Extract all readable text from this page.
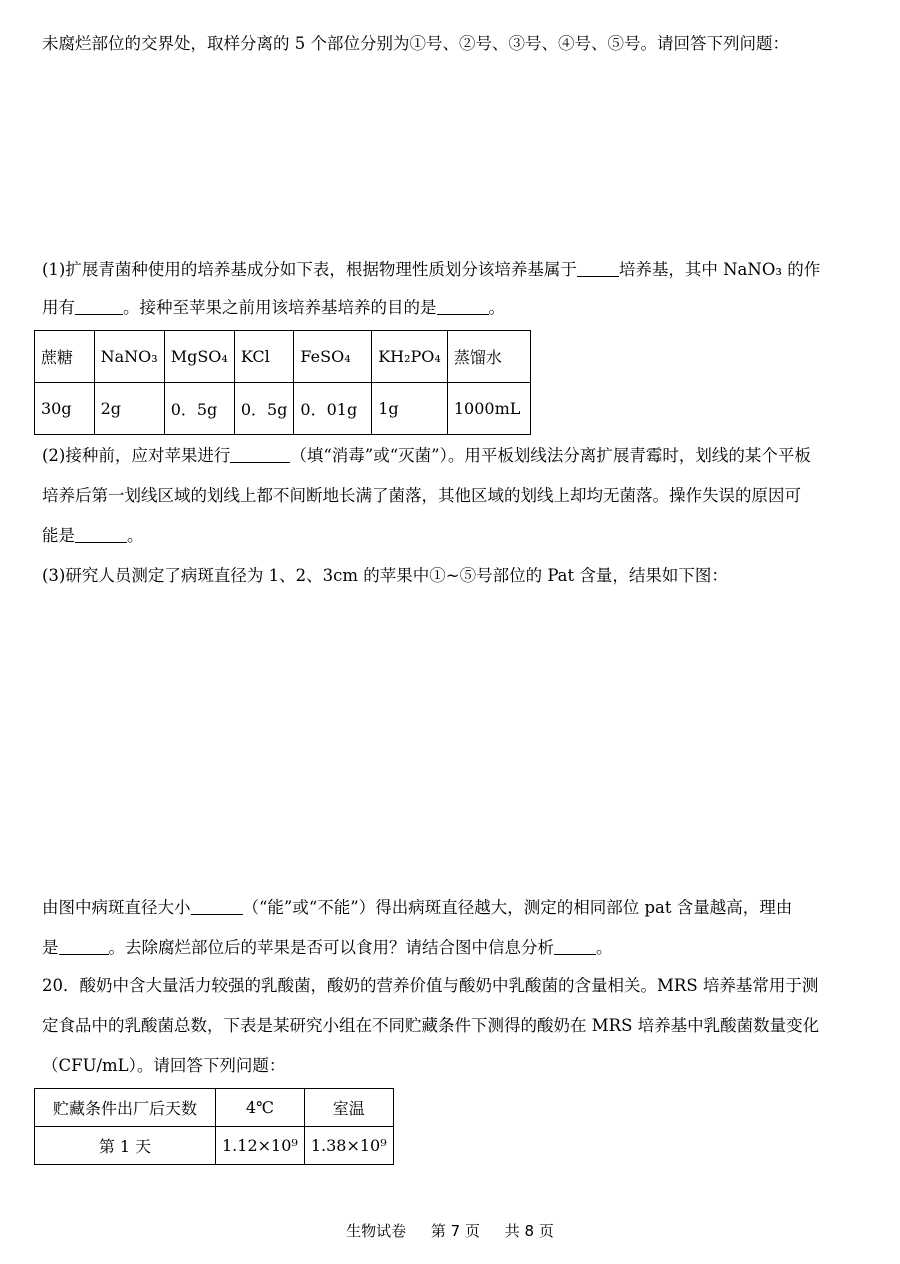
未腐烂部位的交界处，取样分离的 5 个部位分别为①号、②号、③号、④号、⑤号。请回答下列问题：
(1)扩展青菌种使用的培养基成分如下表，根据物理性质划分该培养基属于	培养基，其中 NaNO₃ 的作
用有	。接种至苹果之前用该培养基培养的目的是	。
蔗糖	NaNO₃	MgSO₄	KCl	FeSO₄	KH₂PO₄	蒸馏水
30g	2g	0．5g	0．5g	0．01g	1g	1000mL
(2)接种前，应对苹果进行	（填“消毒”或“灭菌”）。用平板划线法分离扩展青霉时，划线的某个平板
培养后第一划线区域的划线上都不间断地长满了菌落，其他区域的划线上却均无菌落。操作失误的原因可
能是	。
(3)研究人员测定了病斑直径为 1、2、3cm 的苹果中①~⑤号部位的 Pat 含量，结果如下图：
由图中病斑直径大小	（“能”或“不能”）得出病斑直径越大，测定的相同部位 pat 含量越高，理由
是	。去除腐烂部位后的苹果是否可以食用？请结合图中信息分析	。
20．酸奶中含大量活力较强的乳酸菌，酸奶的营养价值与酸奶中乳酸菌的含量相关。MRS 培养基常用于测
定食品中的乳酸菌总数，下表是某研究小组在不同贮藏条件下测得的酸奶在 MRS 培养基中乳酸菌数量变化
（CFU/mL）。请回答下列问题：
贮藏条件出厂后天数	4℃	室温
第 1 天	1.12×10⁹	1.38×10⁹
生物试卷 第 7 页 共 8 页
